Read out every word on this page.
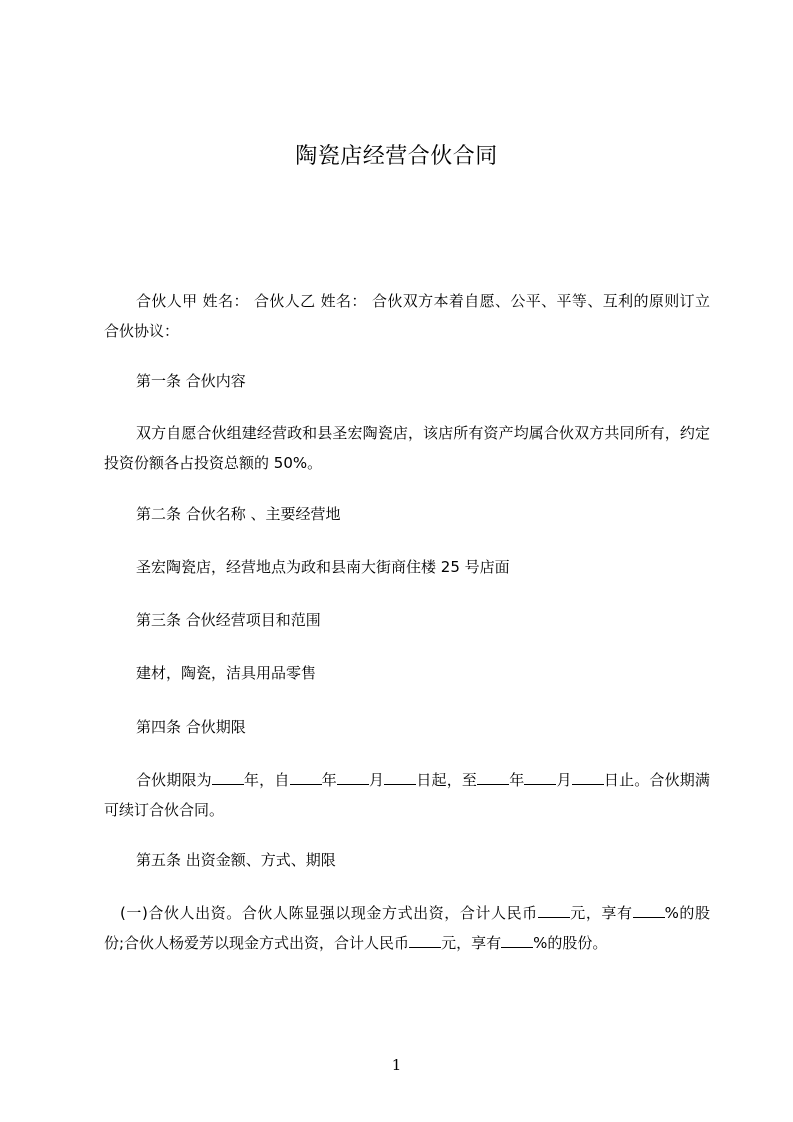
陶瓷店经营合伙合同

合伙人甲 姓名： 合伙人乙 姓名： 合伙双方本着自愿、公平、平等、互利的原则订立合伙协议：

第一条 合伙内容

双方自愿合伙组建经营政和县圣宏陶瓷店，该店所有资产均属合伙双方共同所有，约定投资份额各占投资总额的 50%。

第二条 合伙名称 、主要经营地

圣宏陶瓷店，经营地点为政和县南大街商住楼 25 号店面

第三条 合伙经营项目和范围

建材，陶瓷，洁具用品零售

第四条 合伙期限

合伙期限为 年，自 年 月 日起，至 年 月 日止。合伙期满可续订合伙合同。

第五条 出资金额、方式、期限

(一)合伙人出资。合伙人陈显强以现金方式出资，合计人民币 元，享有 %的股份;合伙人杨爱芳以现金方式出资，合计人民币 元，享有 %的股份。

1
